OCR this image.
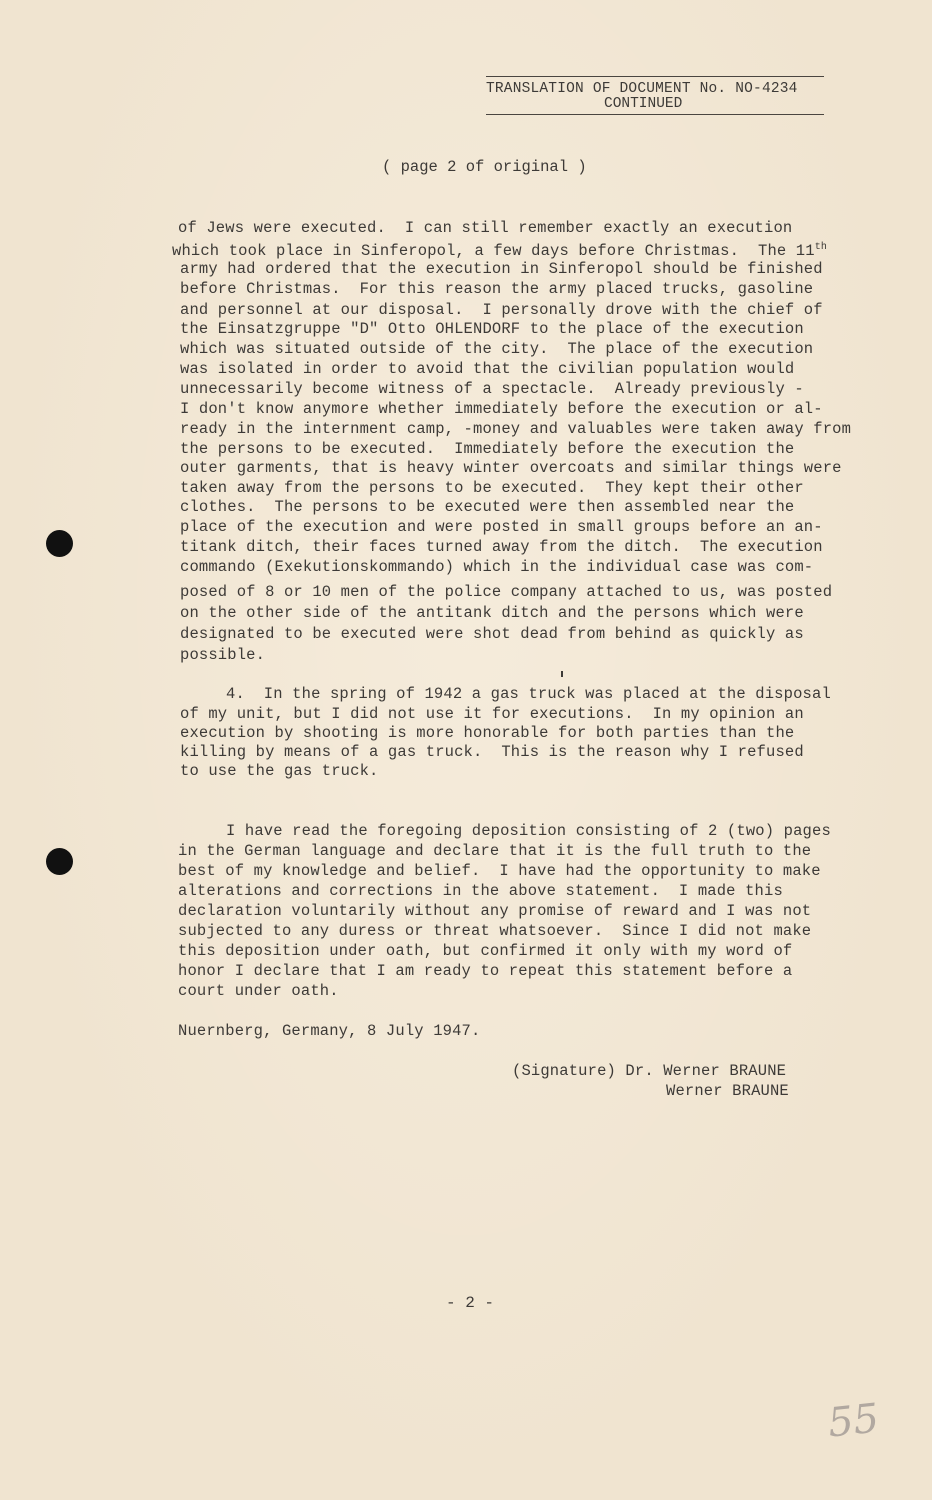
TRANSLATION OF DOCUMENT No. NO-4234
CONTINUED
( page 2 of original )
of Jews were executed.  I can still remember exactly an execution
which took place in Sinferopol, a few days before Christmas.  The 11th
army had ordered that the execution in Sinferopol should be finished
before Christmas.  For this reason the army placed trucks, gasoline
and personnel at our disposal.  I personally drove with the chief of
the Einsatzgruppe "D" Otto OHLENDORF to the place of the execution
which was situated outside of the city.  The place of the execution
was isolated in order to avoid that the civilian population would
unnecessarily become witness of a spectacle.  Already previously -
I don't know anymore whether immediately before the execution or al-
ready in the internment camp, -money and valuables were taken away from
the persons to be executed.  Immediately before the execution the
outer garments, that is heavy winter overcoats and similar things were
taken away from the persons to be executed.  They kept their other
clothes.  The persons to be executed were then assembled near the
place of the execution and were posted in small groups before an an-
titank ditch, their faces turned away from the ditch.  The execution
commando (Exekutionskommando) which in the individual case was com-
posed of 8 or 10 men of the police company attached to us, was posted
on the other side of the antitank ditch and the persons which were
designated to be executed were shot dead from behind as quickly as
possible.
4.  In the spring of 1942 a gas truck was placed at the disposal
of my unit, but I did not use it for executions.  In my opinion an
execution by shooting is more honorable for both parties than the
killing by means of a gas truck.  This is the reason why I refused
to use the gas truck.
I have read the foregoing deposition consisting of 2 (two) pages
in the German language and declare that it is the full truth to the
best of my knowledge and belief.  I have had the opportunity to make
alterations and corrections in the above statement.  I made this
declaration voluntarily without any promise of reward and I was not
subjected to any duress or threat whatsoever.  Since I did not make
this deposition under oath, but confirmed it only with my word of
honor I declare that I am ready to repeat this statement before a
court under oath.
Nuernberg, Germany, 8 July 1947.
(Signature) Dr. Werner BRAUNE
Werner BRAUNE
- 2 -
55
